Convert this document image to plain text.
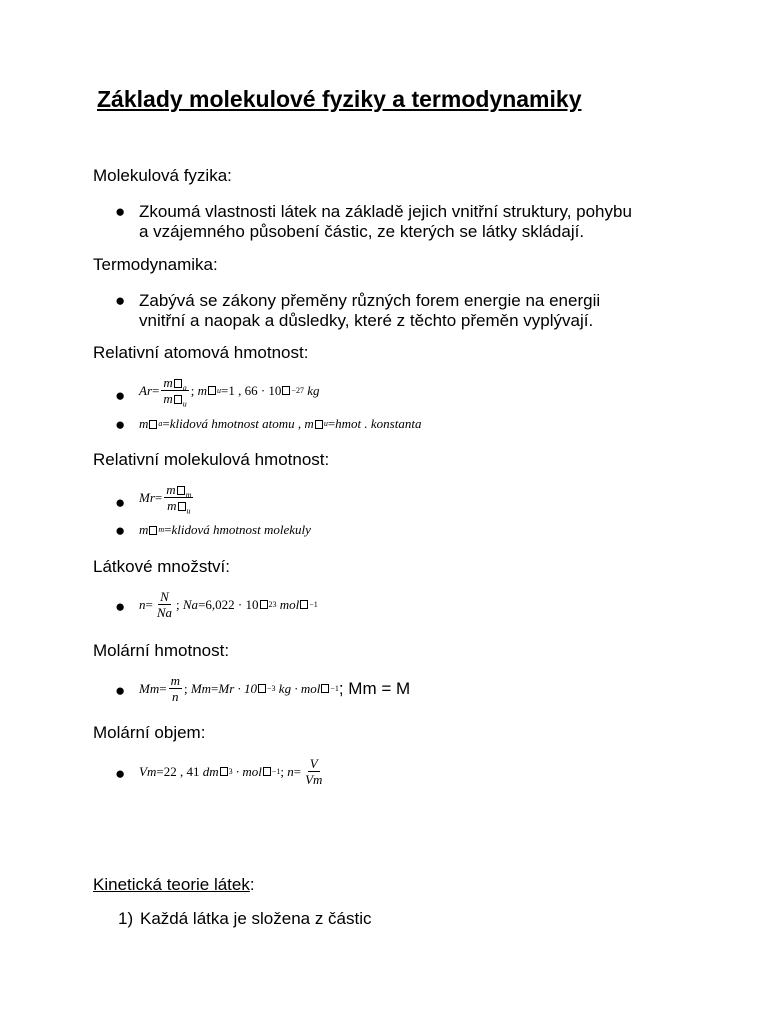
Základy molekulové fyziky a termodynamiky
Molekulová fyzika:
● Zkoumá vlastnosti látek na základě jejich vnitřní struktury, pohybu
a vzájemného působení částic, ze kterých se látky skládají.
Termodynamika:
● Zabývá se zákony přeměny různých forem energie na energii
vnitřní a naopak a důsledky, které z těchto přeměn vyplývají.
Relativní atomová hmotnost:
● $Ar = \frac{m _a}{m _u}$ ; m u = 1 , 66 · 10 −27
kg
● m a = klidová hmotnost atomu ,
m u = hmot . konstanta
Relativní molekulová hmotnost:
● $Mr = \frac{m _m}{m _u}$
● m m = klidová hmotnost molekuly
Látkové množství:
● $n = \frac{N}{Na}$ ; Na = 6,022 · 10 23
mol −1
Molární hmotnost:
● $Mm = \frac{m}{n}$ ; Mm = Mr · 10 −3
kg · mol −1 ; Mm = M
Molární objem:
● Vm = 22 , 41
dm 3
· mol −1 ; $n = \frac{V}{Vm}$
Kinetická teorie látek:
1) Každá látka je složena z částic
